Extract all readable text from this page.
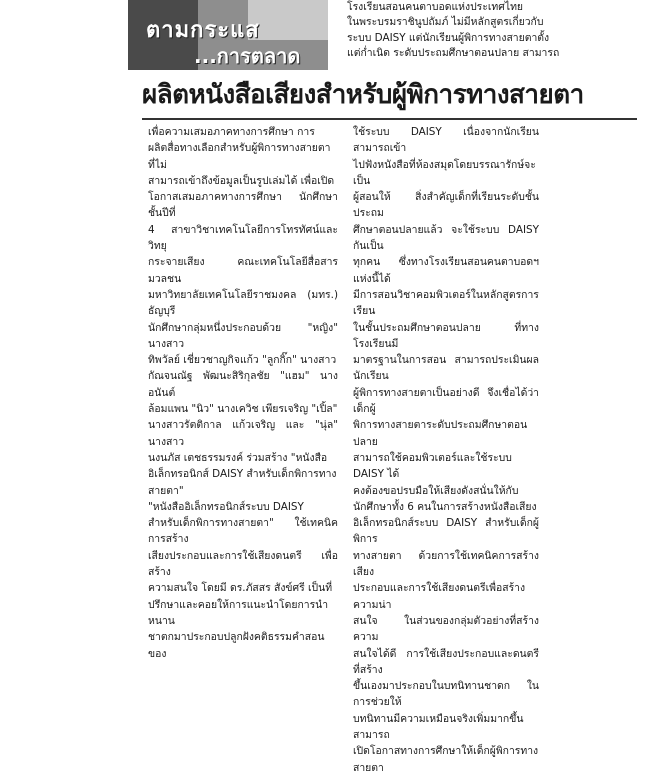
ตามกระแส
...การตลาด

โรงเรียนสอนคนตาบอดแห่งประเทศไทย
ในพระบรมราชินูปถัมภ์ ไม่มีหลักสูตรเกี่ยวกับ
ระบบ DAISY แต่นักเรียนผู้พิการทางสายตาตั้ง
แต่ก่ำเนิด ระดับประถมศึกษาตอนปลาย สามารถ

ผลิตหนังสือเสียงสำหรับผู้พิการทางสายตา

เพื่อความเสมอภาคทางการศึกษา การ
ผลิตสื่อทางเลือกสำหรับผู้พิการทางสายตา ที่ไม่
สามารถเข้าถึงข้อมูลเป็นรูปเล่มได้ เพื่อเปิด
โอกาสเสมอภาคทางการศึกษา นักศึกษาชั้นปีที่
4 สาขาวิชาเทคโนโลยีการโทรทัศน์และวิทยุ
กระจายเสียง คณะเทคโนโลยีสื่อสารมวลชน
มหาวิทยาลัยเทคโนโลยีราชมงคล (มทร.) ธัญบุรี
นักศึกษากลุ่มหนึ่งประกอบด้วย "หญิง" นางสาว
ทิพวัลย์ เชี่ยวชาญกิจแก้ว "ลูกกิ๊ก" นางสาว
กัณจนณัฐ พัฒนะสิริกุลชัย "แฮม" นางอนันต์
ล้อมแพน "นิว" นางเควิช เพียรเจริญ "เปิ้ล"
นางสาวรัตติกาล แก้วเจริญ และ "นุ่ล" นางสาว
นงนภัส เตชธรรมรงค์ ร่วมสร้าง "หนังสือ
อิเล็กทรอนิกส์ DAISY สำหรับเด็กพิการทาง
สายตา"
"หนังสืออิเล็กทรอนิกส์ระบบ DAISY
สำหรับเด็กพิการทางสายตา" ใช้เทคนิคการสร้าง
เสียงประกอบและการใช้เสียงดนตรี เพื่อสร้าง
ความสนใจ โดยมี ดร.ภัสสร สังข์ศรี เป็นที่
ปรึกษาและคอยให้การแนะนำโดยการนำหนาน
ชาตกมาประกอบปลูกฝังคติธรรมคำสอน ของ

ใช้ระบบ DAISY เนื่องจากนักเรียนสามารถเข้า
ไปฟังหนังสือที่ห้องสมุดโดยบรรณารักษ์จะเป็น
ผู้สอนให้ สิ่งสำคัญเด็กที่เรียนระดับชั้นประถม
ศึกษาตอนปลายแล้ว จะใช้ระบบ DAISY กันเป็น
ทุกคน ซึ่งทางโรงเรียนสอนคนตาบอดฯแห่งนี้ได้
มีการสอนวิชาคอมพิวเตอร์ในหลักสูตรการเรียน
ในชั้นประถมศึกษาตอนปลาย ที่ทางโรงเรียนมี
มาตรฐานในการสอน สามารถประเมินผลนักเรียน
ผู้พิการทางสายตาเป็นอย่างดี จึงเชื่อได้ว่าเด็กผู้
พิการทางสายตาระดับประถมศึกษาตอนปลาย
สามารถใช้คอมพิวเตอร์และใช้ระบบ DAISY ได้
คงต้องขอปรบมือให้เสียงดังสนั่นให้กับ
นักศึกษาทั้ง 6 คนในการสร้างหนังสือเสียง
อิเล็กทรอนิกส์ระบบ DAISY สำหรับเด็กผู้พิการ
ทางสายตา ด้วยการใช้เทคนิคการสร้างเสียง
ประกอบและการใช้เสียงดนตรีเพื่อสร้างความน่า
สนใจ ในส่วนของกลุ่มตัวอย่างที่สร้างความ
สนใจได้ดี การใช้เสียงประกอบและดนตรีที่สร้าง
ขึ้นเองมาประกอบในบทนิทานชาดก ในการช่วยให้
บทนิทานมีความเหมือนจริงเพิ่มมากขึ้น สามารถ
เปิดโอกาสทางการศึกษาให้เด็กผู้พิการทางสายตา
